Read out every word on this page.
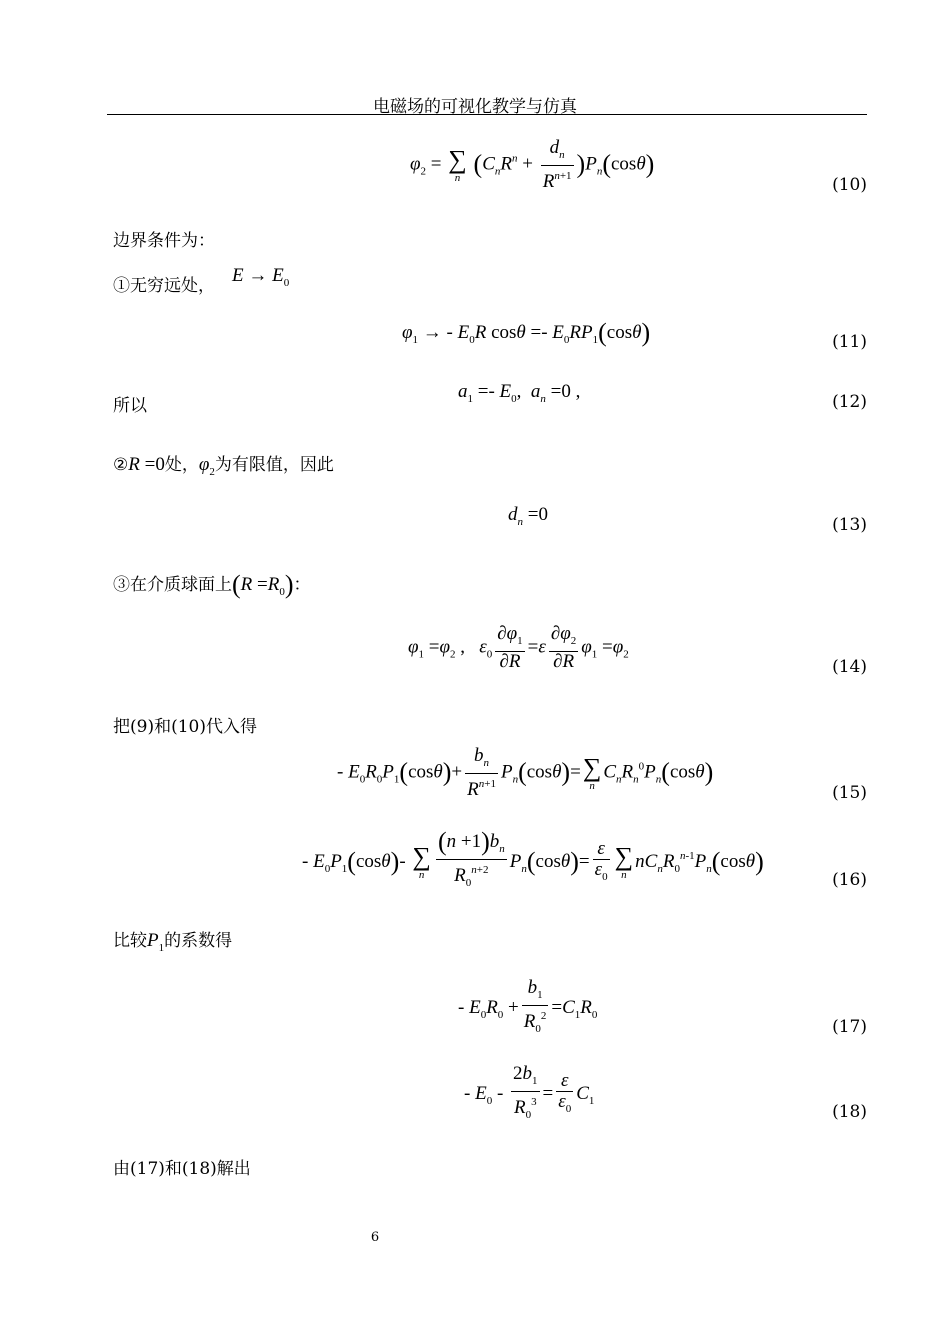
电磁场的可视化教学与仿真
$\varphi_2$ = ∑
n $(C_nR^n + \frac{d_n}{R^{n+1}} )P_n(\cos\theta)$
(10)
边界条件为：
①无穷远处， $E \to E_0$
$\varphi_1$ → - $E_0R$ $\cos\theta =- E_0RP_1(\cos\theta)$	(11)
所以
$a_1 =- E_0$,  $a_n =0$ ,	(12)
②R =0处，$\varphi_2$为有限值，因此
$d_n =0$	(13)
③在介质球面上$(R =R_0)$：
$\varphi_1 =\varphi_2$ ,   $\varepsilon_0 \frac{\partial\varphi_1}{\partial R} =\varepsilon \frac{\partial\varphi_2}{\partial R} \varphi_1 =\varphi_2$
(14)
把(9)和(10)代入得
- $E_0R_0P_1(\cos\theta)+ \frac{b_n}{R^{n+1}} P_n(\cos\theta)=$ ∑
n
$C_nR_n^0P_n(\cos\theta)$
(15)
- $E_0P_1(\cos\theta)-$ ∑
n $\frac{(n +1)b_n}{R_0^{n+2}} P_n(\cos\theta)= \frac{\varepsilon}{\varepsilon_0}$ ∑
n
$nC_nR_0^{n-1}P_n(\cos\theta)$
(16)
比较$P_1$的系数得
- $E_0R_0 + \frac{b_1}{R_0^2} =C_1R_0$
(17)
- $E_0 - \frac{2b_1}{R_0^3} = \frac{\varepsilon}{\varepsilon_0} C_1$
(18)
由(17)和(18)解出
6
